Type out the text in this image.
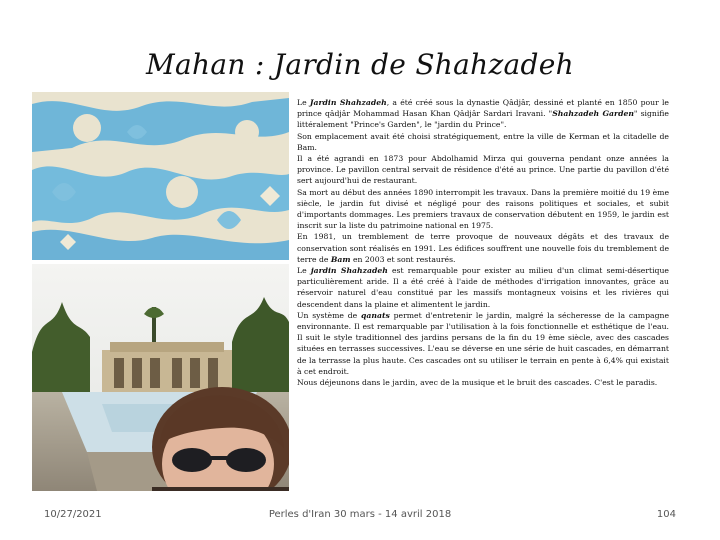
Mahan : Jardin de Shahzadeh

Le Jardin Shahzadeh, a été créé sous la dynastie Qâdjâr, dessiné et planté en 1850 pour le prince qâdjâr Mohammad Hasan Khan Qâdjâr Sardari Iravani. "Shahzadeh Garden" signifie littéralement "Prince's Garden", le "jardin du Prince".

Son emplacement avait été choisi stratégiquement, entre la ville de Kerman et la citadelle de Bam.

Il a été agrandi en 1873 pour Abdolhamid Mirza qui gouverna pendant onze années la province. Le pavillon central servait de résidence d'été au prince. Une partie du pavillon d'été sert aujourd'hui de restaurant.

Sa mort au début des années 1890 interrompit les travaux. Dans la première moitié du 19 ème siècle, le jardin fut divisé et négligé pour des raisons politiques et sociales, et subit d'importants dommages. Les premiers travaux de conservation débutent en 1959, le jardin est inscrit sur la liste du patrimoine national en 1975.

En 1981, un tremblement de terre provoque de nouveaux dégâts et des travaux de conservation sont réalisés en 1991. Les édifices souffrent une nouvelle fois du tremblement de terre de Bam en 2003 et sont restaurés.

Le jardin Shahzadeh est remarquable pour exister au milieu d'un climat semi-désertique particulièrement aride. Il a été créé à l'aide de méthodes d'irrigation innovantes, grâce au réservoir naturel d'eau constitué par les massifs montagneux voisins et les rivières qui descendent dans la plaine et alimentent le jardin.

Un système de qanats permet d'entretenir le jardin, malgré la sécheresse de la campagne environnante. Il est remarquable par l'utilisation à la fois fonctionnelle et esthétique de l'eau. Il suit le style traditionnel des jardins persans de la fin du 19 ème siècle, avec des cascades situées en terrasses successives. L'eau se déverse en une série de huit cascades, en démarrant de la terrasse la plus haute. Ces cascades ont su utiliser le terrain en pente à 6,4% qui existait à cet endroit.

Nous déjeunons dans le jardin, avec de la musique et le bruit des cascades. C'est le paradis.

10/27/2021	Perles d'Iran 30 mars - 14 avril 2018	104
